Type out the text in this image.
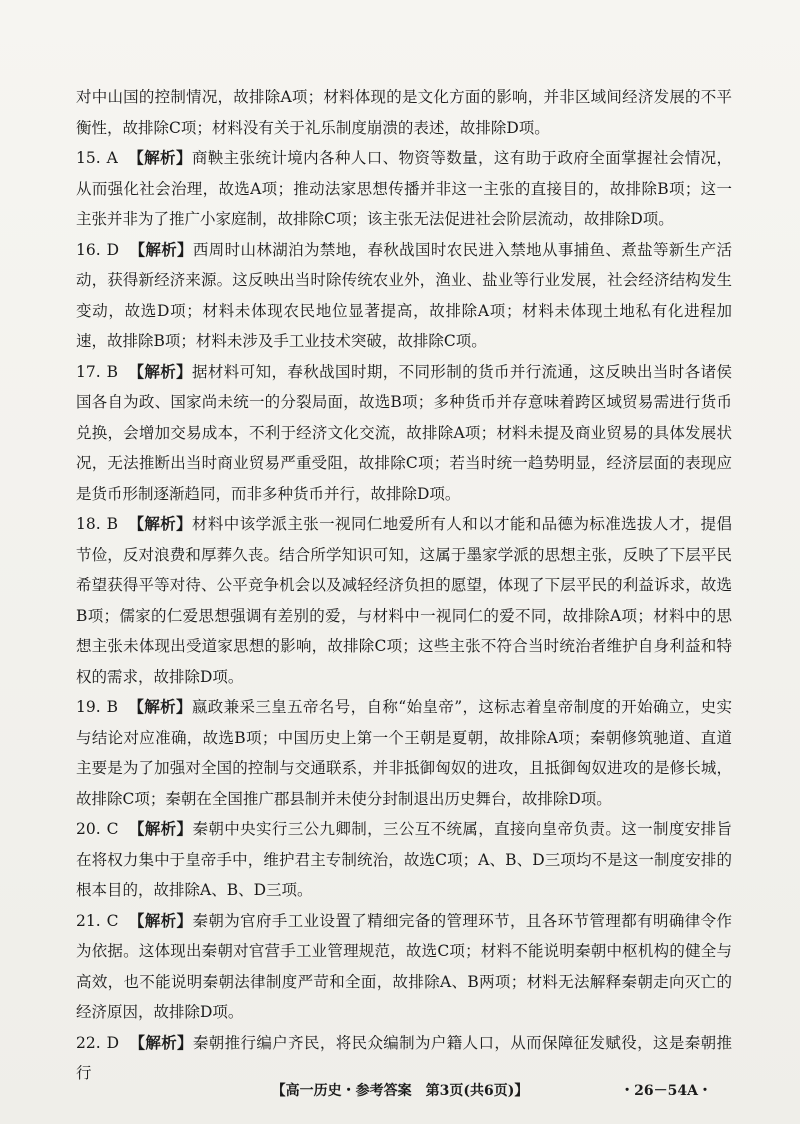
对中山国的控制情况，故排除A项；材料体现的是文化方面的影响，并非区域间经济发展的不平衡性，故排除C项；材料没有关于礼乐制度崩溃的表述，故排除D项。
15. A 【解析】商鞅主张统计境内各种人口、物资等数量，这有助于政府全面掌握社会情况，从而强化社会治理，故选A项；推动法家思想传播并非这一主张的直接目的，故排除B项；这一主张并非为了推广小家庭制，故排除C项；该主张无法促进社会阶层流动，故排除D项。
16. D 【解析】西周时山林湖泊为禁地，春秋战国时农民进入禁地从事捕鱼、煮盐等新生产活动，获得新经济来源。这反映出当时除传统农业外，渔业、盐业等行业发展，社会经济结构发生变动，故选D项；材料未体现农民地位显著提高，故排除A项；材料未体现土地私有化进程加速，故排除B项；材料未涉及手工业技术突破，故排除C项。
17. B 【解析】据材料可知，春秋战国时期，不同形制的货币并行流通，这反映出当时各诸侯国各自为政、国家尚未统一的分裂局面，故选B项；多种货币并存意味着跨区域贸易需进行货币兑换，会增加交易成本，不利于经济文化交流，故排除A项；材料未提及商业贸易的具体发展状况，无法推断出当时商业贸易严重受阻，故排除C项；若当时统一趋势明显，经济层面的表现应是货币形制逐渐趋同，而非多种货币并行，故排除D项。
18. B 【解析】材料中该学派主张一视同仁地爱所有人和以才能和品德为标准选拔人才，提倡节俭，反对浪费和厚葬久丧。结合所学知识可知，这属于墨家学派的思想主张，反映了下层平民希望获得平等对待、公平竞争机会以及减轻经济负担的愿望，体现了下层平民的利益诉求，故选B项；儒家的仁爱思想强调有差别的爱，与材料中一视同仁的爱不同，故排除A项；材料中的思想主张未体现出受道家思想的影响，故排除C项；这些主张不符合当时统治者维护自身利益和特权的需求，故排除D项。
19. B 【解析】嬴政兼采三皇五帝名号，自称“始皇帝”，这标志着皇帝制度的开始确立，史实与结论对应准确，故选B项；中国历史上第一个王朝是夏朝，故排除A项；秦朝修筑驰道、直道主要是为了加强对全国的控制与交通联系，并非抵御匈奴的进攻，且抵御匈奴进攻的是修长城，故排除C项；秦朝在全国推广郡县制并未使分封制退出历史舞台，故排除D项。
20. C 【解析】秦朝中央实行三公九卿制，三公互不统属，直接向皇帝负责。这一制度安排旨在将权力集中于皇帝手中，维护君主专制统治，故选C项；A、B、D三项均不是这一制度安排的根本目的，故排除A、B、D三项。
21. C 【解析】秦朝为官府手工业设置了精细完备的管理环节，且各环节管理都有明确律令作为依据。这体现出秦朝对官营手工业管理规范，故选C项；材料不能说明秦朝中枢机构的健全与高效，也不能说明秦朝法律制度严苛和全面，故排除A、B两项；材料无法解释秦朝走向灭亡的经济原因，故排除D项。
22. D 【解析】秦朝推行编户齐民，将民众编制为户籍人口，从而保障征发赋役，这是秦朝推行
【高一历史・参考答案　第3页(共6页)】	・26－54A・
